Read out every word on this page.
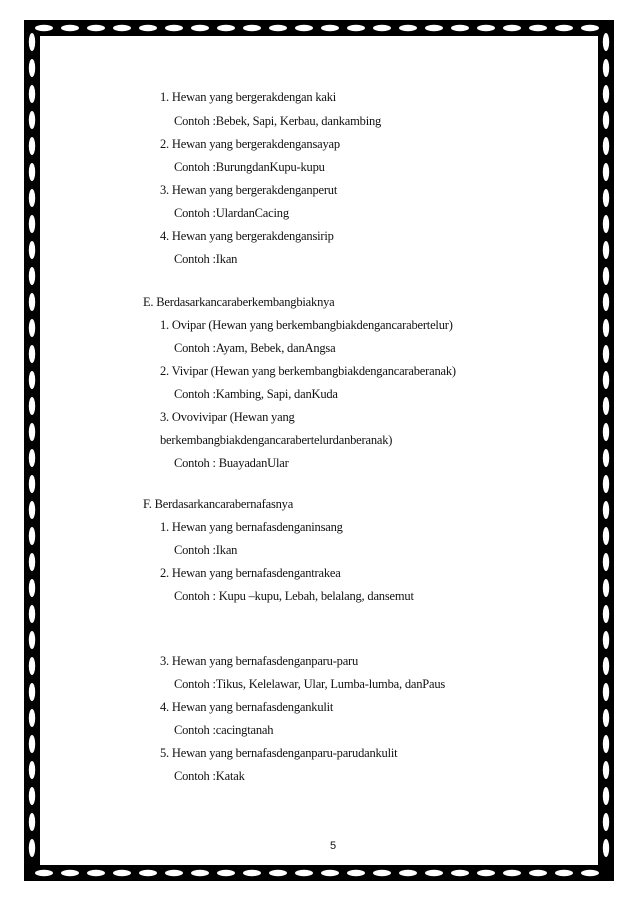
1. Hewan yang bergerakdengan kaki
Contoh :Bebek, Sapi, Kerbau, dankambing
2. Hewan yang bergerakdengansayap
Contoh :BurungdanKupu-kupu
3. Hewan yang bergerakdenganperut
Contoh :UlardanCacing
4. Hewan yang bergerakdengansirip
Contoh :Ikan
E. Berdasarkancaraberkembangbiaknya
1. Ovipar (Hewan yang berkembangbiakdengancarabertelur)
Contoh :Ayam, Bebek, danAngsa
2. Vivipar (Hewan yang berkembangbiakdengancaraberanak)
Contoh :Kambing, Sapi, danKuda
3. Ovovivipar (Hewan yang
berkembangbiakdengancarabertelurdanberanak)
Contoh : BuayadanUlar
F. Berdasarkancarabernafasnya
1. Hewan yang bernafasdenganinsang
Contoh :Ikan
2. Hewan yang bernafasdengantrakea
Contoh : Kupu –kupu, Lebah, belalang, dansemut
3. Hewan yang bernafasdenganparu-paru
Contoh :Tikus, Kelelawar, Ular, Lumba-lumba, danPaus
4. Hewan yang bernafasdengankulit
Contoh :cacingtanah
5. Hewan yang bernafasdenganparu-parudankulit
Contoh :Katak
5
